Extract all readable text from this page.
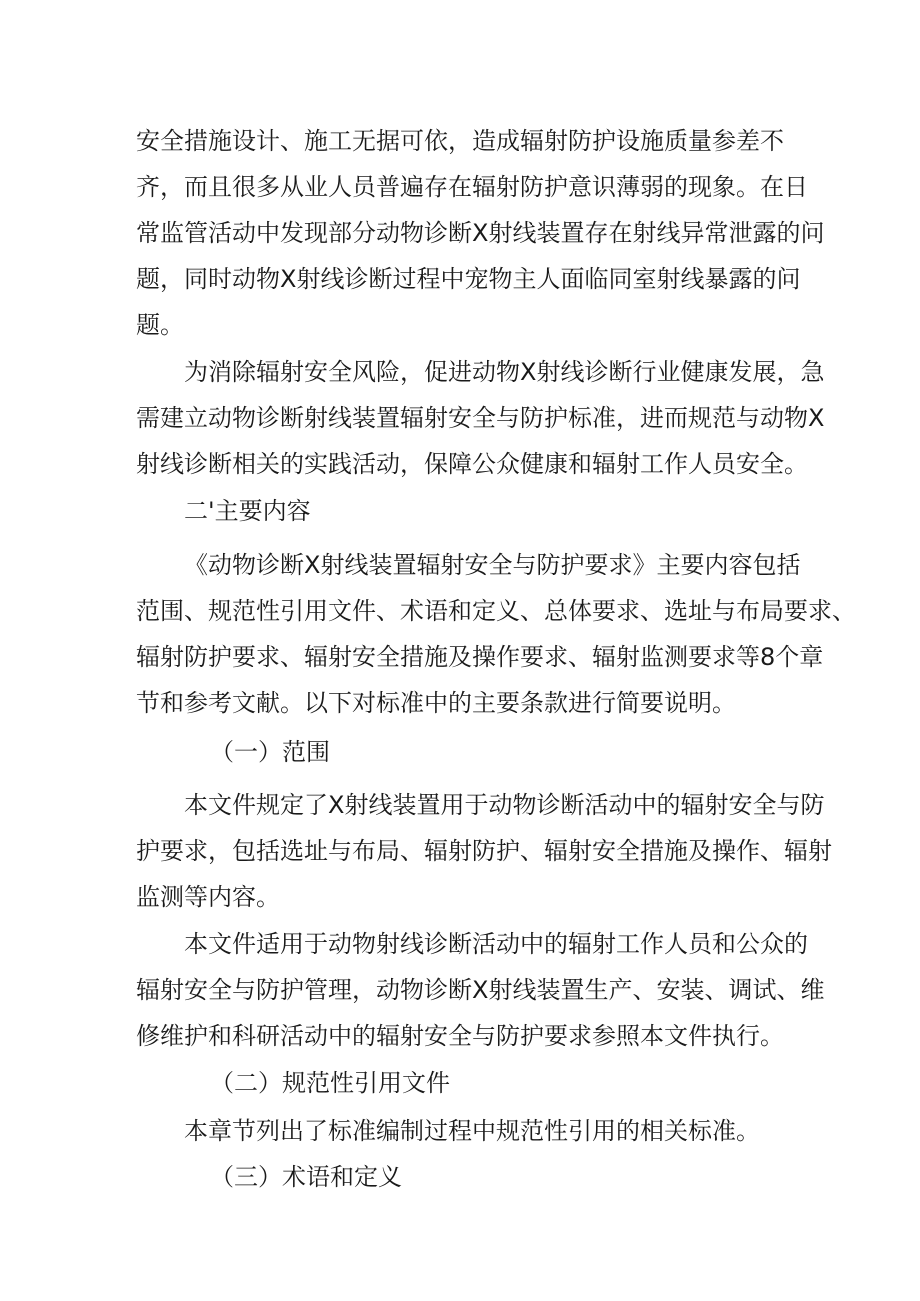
安全措施设计、施工无据可依，造成辐射防护设施质量参差不
齐，而且很多从业人员普遍存在辐射防护意识薄弱的现象。在日
常监管活动中发现部分动物诊断X射线装置存在射线异常泄露的问
题，同时动物X射线诊断过程中宠物主人面临同室射线暴露的问
题。
为消除辐射安全风险，促进动物X射线诊断行业健康发展，急
需建立动物诊断射线装置辐射安全与防护标准，进而规范与动物X
射线诊断相关的实践活动，保障公众健康和辐射工作人员安全。
二'主要内容
《动物诊断X射线装置辐射安全与防护要求》主要内容包括
范围、规范性引用文件、术语和定义、总体要求、选址与布局要求、
辐射防护要求、辐射安全措施及操作要求、辐射监测要求等8个章
节和参考文献。以下对标准中的主要条款进行简要说明。
（一）范围
本文件规定了X射线装置用于动物诊断活动中的辐射安全与防
护要求，包括选址与布局、辐射防护、辐射安全措施及操作、辐射
监测等内容。
本文件适用于动物射线诊断活动中的辐射工作人员和公众的
辐射安全与防护管理，动物诊断X射线装置生产、安装、调试、维
修维护和科研活动中的辐射安全与防护要求参照本文件执行。
（二）规范性引用文件
本章节列出了标准编制过程中规范性引用的相关标准。
（三）术语和定义
